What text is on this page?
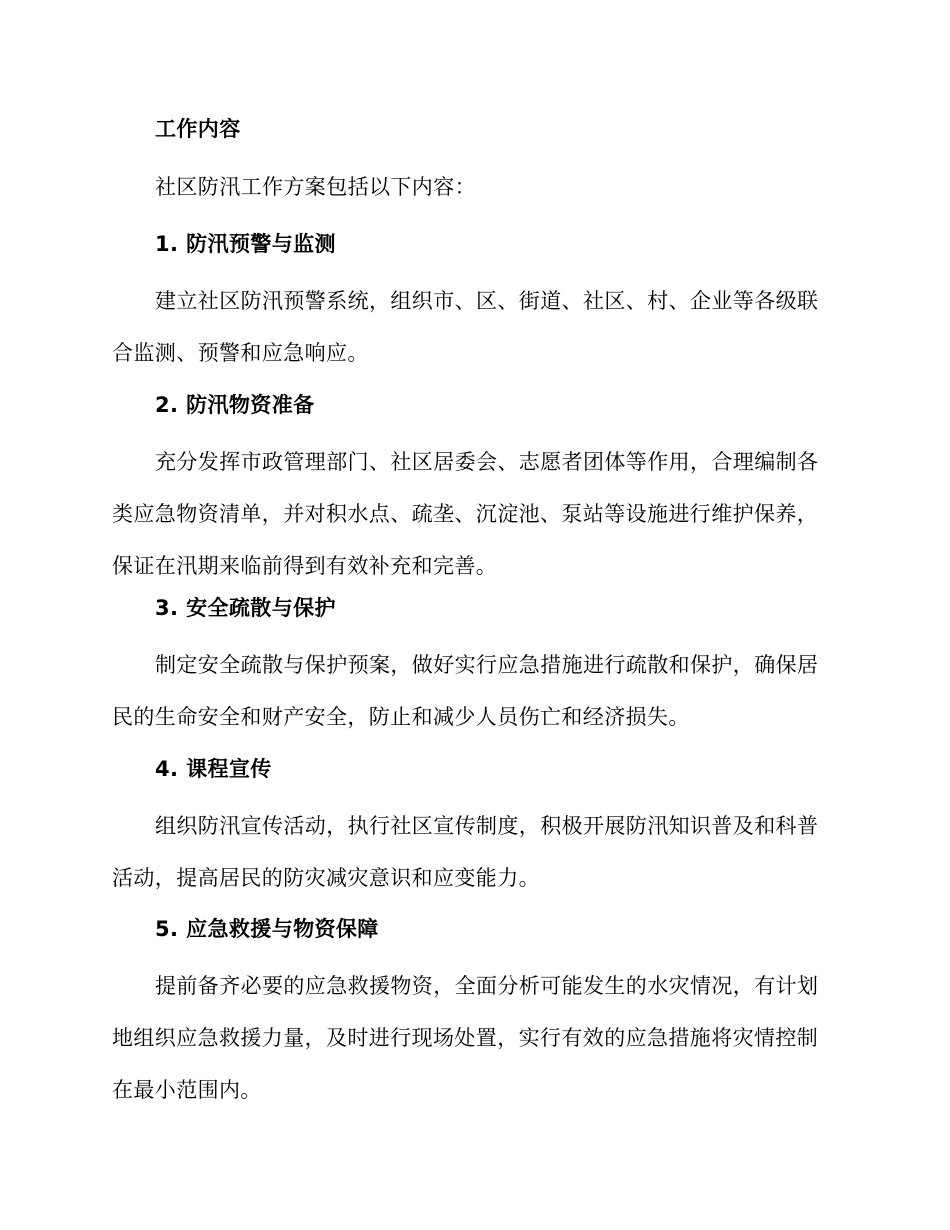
工作内容

社区防汛工作方案包括以下内容：

1. 防汛预警与监测

建立社区防汛预警系统，组织市、区、街道、社区、村、企业等各级联合监测、预警和应急响应。

2. 防汛物资准备

充分发挥市政管理部门、社区居委会、志愿者团体等作用，合理编制各类应急物资清单，并对积水点、疏垄、沉淀池、泵站等设施进行维护保养，保证在汛期来临前得到有效补充和完善。

3. 安全疏散与保护

制定安全疏散与保护预案，做好实行应急措施进行疏散和保护，确保居民的生命安全和财产安全，防止和减少人员伤亡和经济损失。

4. 课程宣传

组织防汛宣传活动，执行社区宣传制度，积极开展防汛知识普及和科普活动，提高居民的防灾减灾意识和应变能力。

5. 应急救援与物资保障

提前备齐必要的应急救援物资，全面分析可能发生的水灾情况，有计划地组织应急救援力量，及时进行现场处置，实行有效的应急措施将灾情控制在最小范围内。
